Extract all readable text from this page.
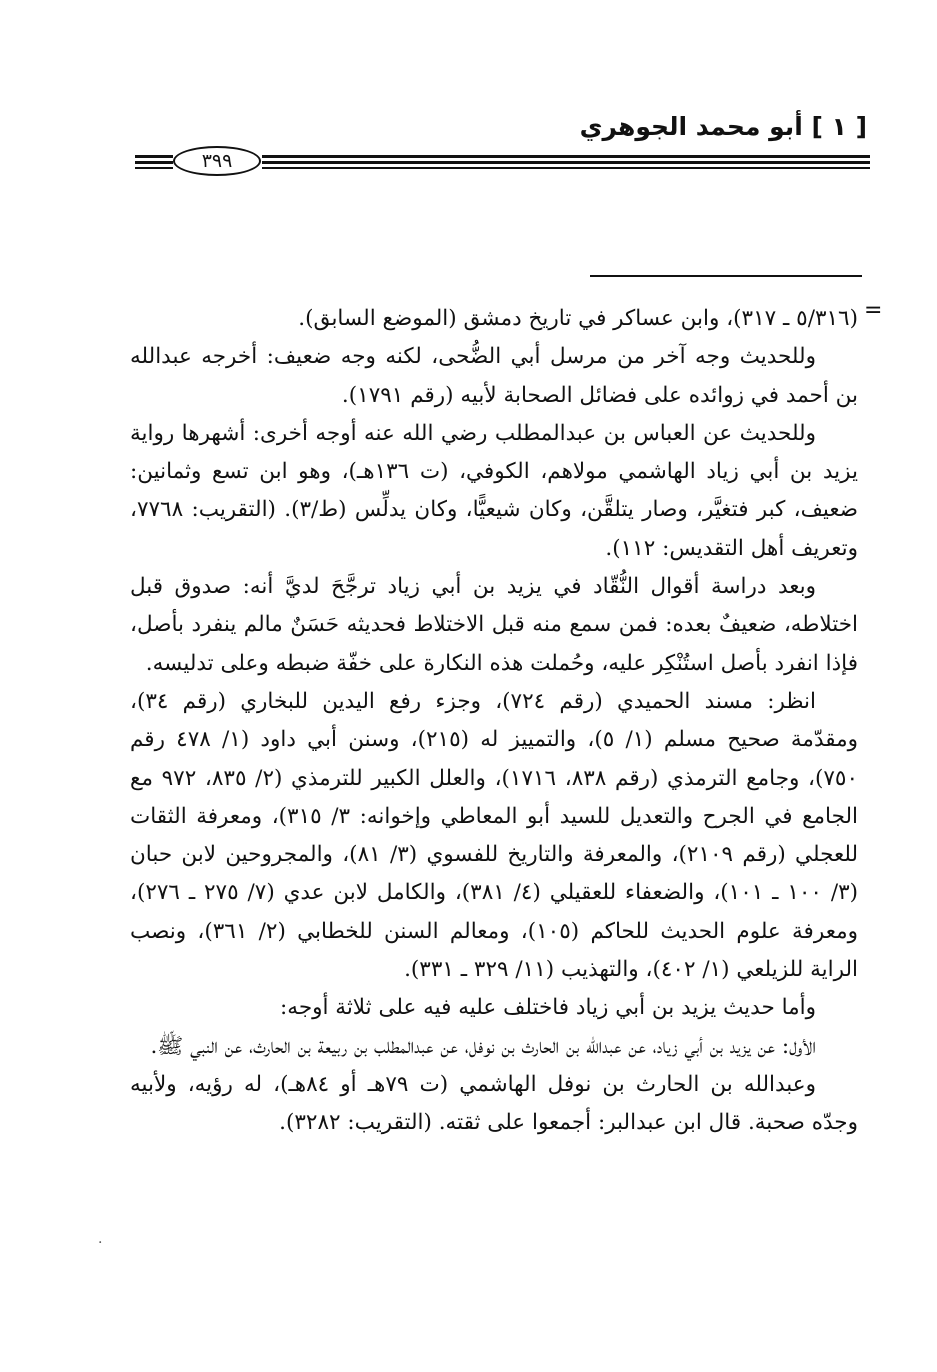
[ ١ ] أبو محمد الجوهري
٣٩٩
=

(٥/٣١٦ ـ ٣١٧)، وابن عساكر في تاريخ دمشق (الموضع السابق).

وللحديث وجه آخر من مرسل أبي الضُّحى، لكنه وجه ضعيف: أخرجه عبدالله بن أحمد في زوائده على فضائل الصحابة لأبيه (رقم ١٧٩١).

وللحديث عن العباس بن عبدالمطلب رضي الله عنه أوجه أخرى: أشهرها رواية يزيد بن أبي زياد الهاشمي مولاهم، الكوفي، (ت ١٣٦هـ)، وهو ابن تسع وثمانين: ضعيف، كبر فتغيَّر، وصار يتلقَّن، وكان شيعيًّا، وكان يدلِّس (ط/٣). (التقريب: ٧٧٦٨، وتعريف أهل التقديس: ١١٢).

وبعد دراسة أقوال النُّقّاد في يزيد بن أبي زياد ترجَّحَ لديَّ أنه: صدوق قبل اختلاطه، ضعيفٌ بعده: فمن سمع منه قبل الاختلاط فحديثه حَسَنٌ مالم ينفرد بأصل، فإذا انفرد بأصل استُنْكِر عليه، وحُملت هذه النكارة على خفّة ضبطه وعلى تدليسه.

انظر: مسند الحميدي (رقم ٧٢٤)، وجزء رفع اليدين للبخاري (رقم ٣٤)، ومقدّمة صحيح مسلم (١/ ٥)، والتمييز له (٢١٥)، وسنن أبي داود (١/ ٤٧٨ رقم ٧٥٠)، وجامع الترمذي (رقم ٨٣٨، ١٧١٦)، والعلل الكبير للترمذي (٢/ ٨٣٥، ٩٧٢ مع الجامع في الجرح والتعديل للسيد أبو المعاطي وإخوانه: ٣/ ٣١٥)، ومعرفة الثقات للعجلي (رقم ٢١٠٩)، والمعرفة والتاريخ للفسوي (٣/ ٨١)، والمجروحين لابن حبان (٣/ ١٠٠ ـ ١٠١)، والضعفاء للعقيلي (٤/ ٣٨١)، والكامل لابن عدي (٧/ ٢٧٥ ـ ٢٧٦)، ومعرفة علوم الحديث للحاكم (١٠٥)، ومعالم السنن للخطابي (٢/ ٣٦١)، ونصب الراية للزيلعي (١/ ٤٠٢)، والتهذيب (١١/ ٣٢٩ ـ ٣٣١).

وأما حديث يزيد بن أبي زياد فاختلف عليه فيه على ثلاثة أوجه:

الأول: عن يزيد بن أبي زياد، عن عبدالله بن الحارث بن نوفل، عن عبدالمطلب بن ربيعة بن الحارث، عن النبي ﷺ.

وعبدالله بن الحارث بن نوفل الهاشمي (ت ٧٩هـ أو ٨٤هـ)، له رؤيه، ولأبيه وجدّه صحبة. قال ابن عبدالبر: أجمعوا على ثقته. (التقريب: ٣٢٨٢).

·
